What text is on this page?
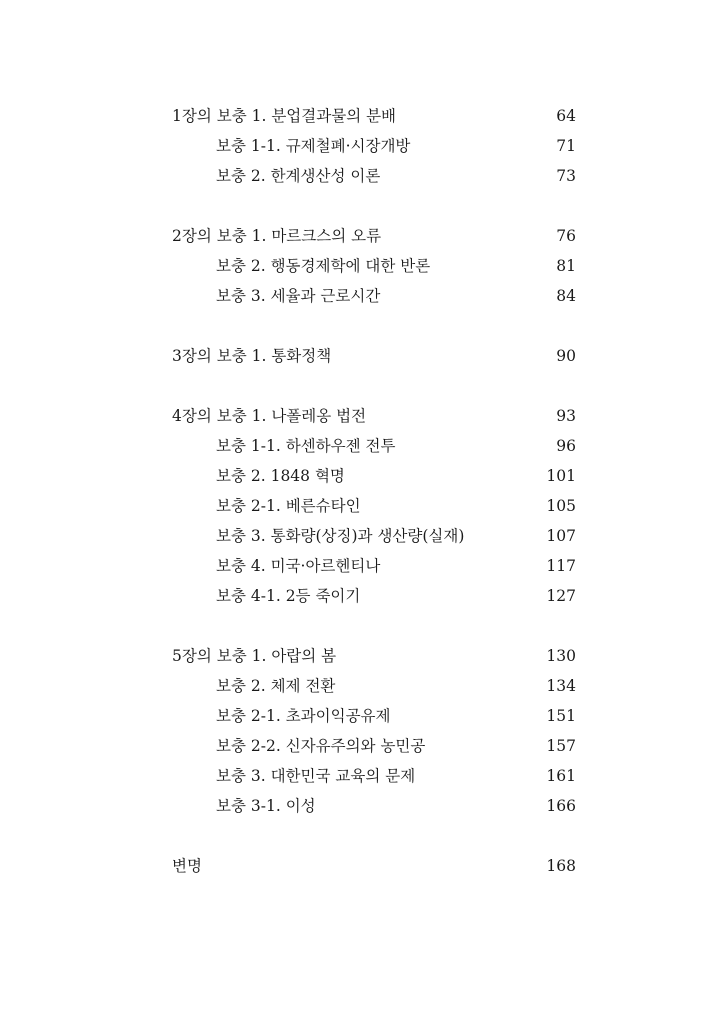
1장의 보충 1. 분업결과물의 분배	64
보충 1-1. 규제철폐·시장개방	71
보충 2. 한계생산성 이론	73
2장의 보충 1. 마르크스의 오류	76
보충 2. 행동경제학에 대한 반론	81
보충 3. 세율과 근로시간	84
3장의 보충 1. 통화정책	90
4장의 보충 1. 나폴레옹 법전	93
보충 1-1. 하센하우젠 전투	96
보충 2. 1848 혁명	101
보충 2-1. 베른슈타인	105
보충 3. 통화량(상징)과 생산량(실재)	107
보충 4. 미국·아르헨티나	117
보충 4-1. 2등 죽이기	127
5장의 보충 1. 아랍의 봄	130
보충 2. 체제 전환	134
보충 2-1. 초과이익공유제	151
보충 2-2. 신자유주의와 농민공	157
보충 3. 대한민국 교육의 문제	161
보충 3-1. 이성	166
변명	168
